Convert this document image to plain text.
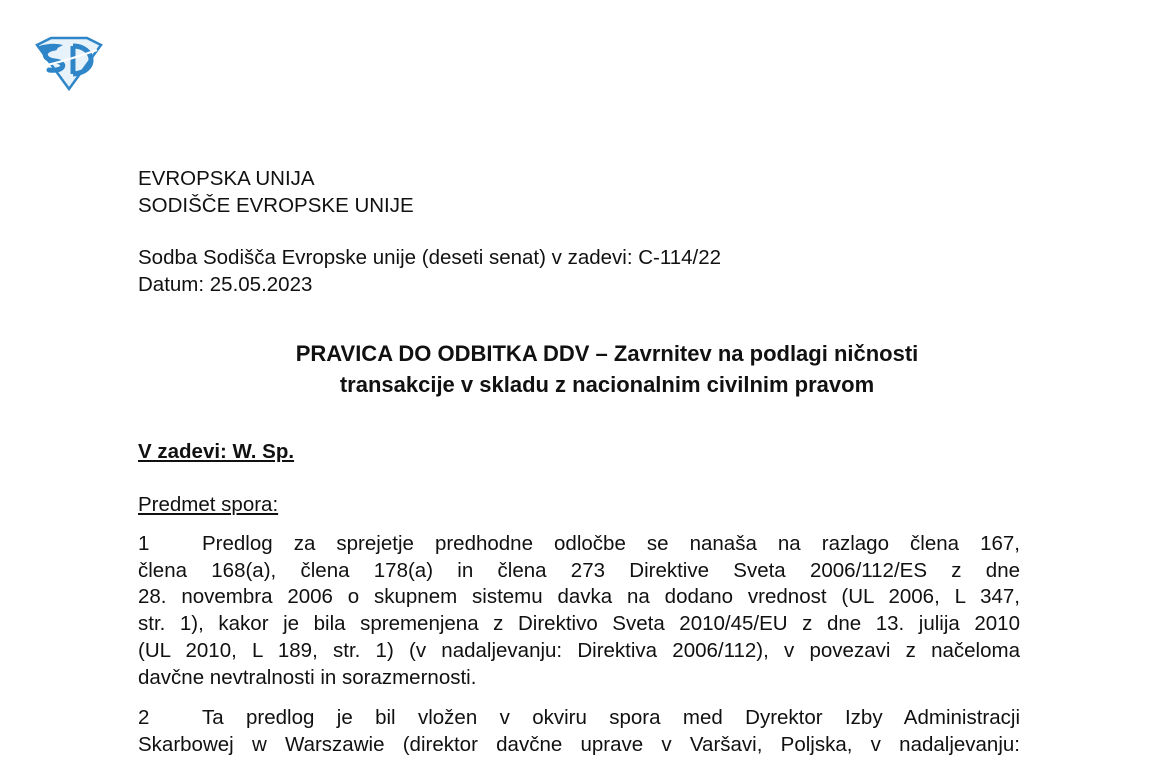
EVROPSKA UNIJA
SODIŠČE EVROPSKE UNIJE
Sodba Sodišča Evropske unije (deseti senat) v zadevi: C-114/22
Datum: 25.05.2023
PRAVICA DO ODBITKA DDV – Zavrnitev na podlagi ničnosti
transakcije v skladu z nacionalnim civilnim pravom
V zadevi: W. Sp.
Predmet spora:
1	Predlog za sprejetje predhodne odločbe se nanaša na razlago člena 167,
člena 168(a), člena 178(a) in člena 273 Direktive Sveta 2006/112/ES z dne
28. novembra 2006 o skupnem sistemu davka na dodano vrednost (UL 2006, L 347,
str. 1), kakor je bila spremenjena z Direktivo Sveta 2010/45/EU z dne 13. julija 2010
(UL 2010, L 189, str. 1) (v nadaljevanju: Direktiva 2006/112), v povezavi z načeloma
davčne nevtralnosti in sorazmernosti.
2	Ta predlog je bil vložen v okviru spora med Dyrektor Izby Administracji
Skarbowej w Warszawie (direktor davčne uprave v Varšavi, Poljska, v nadaljevanju:
